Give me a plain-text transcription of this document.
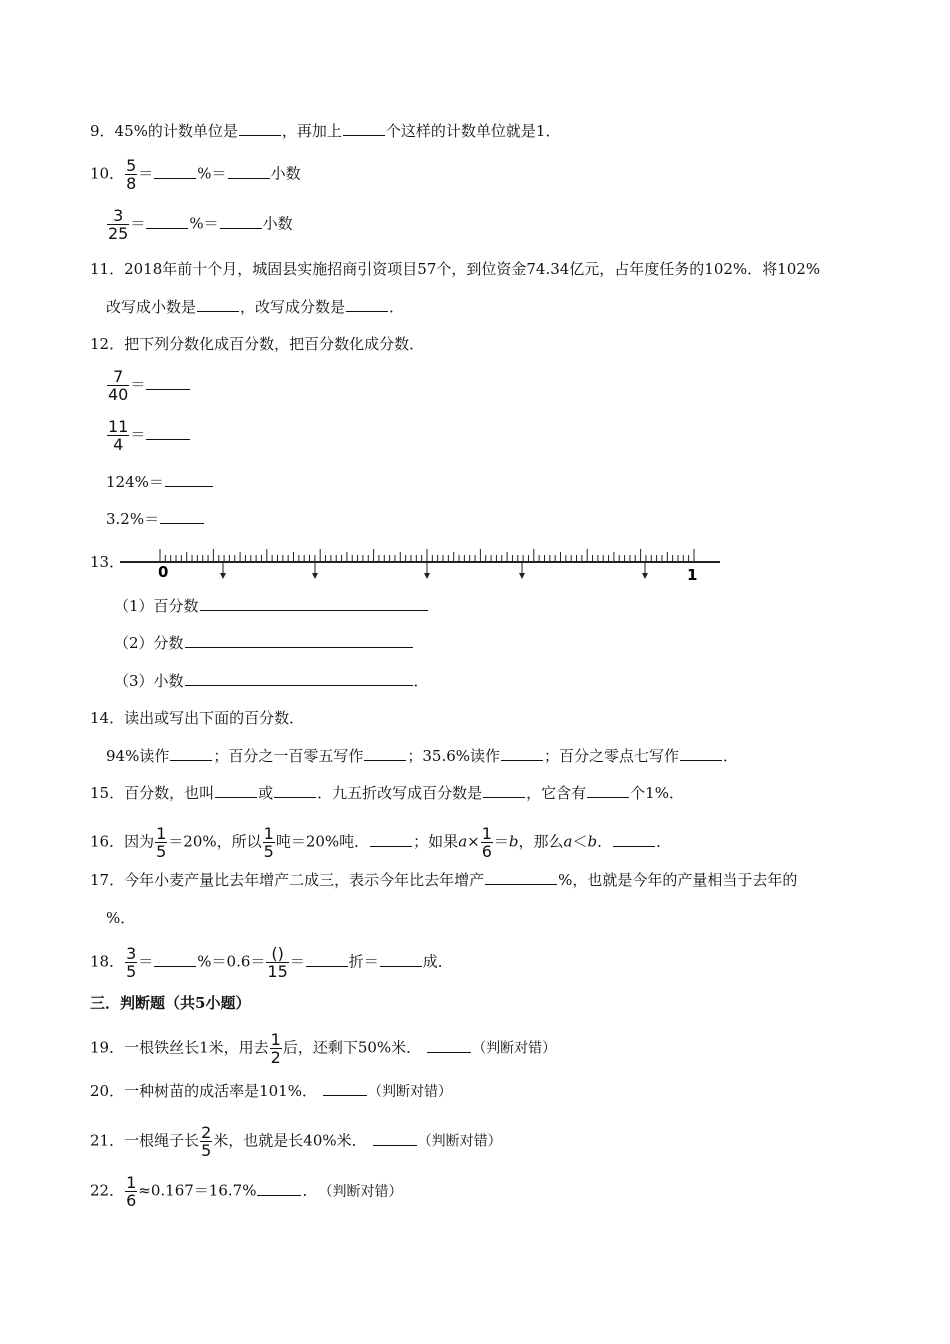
9．45%的计数单位是	，再加上	个这样的计数单位就是1．
10． $\frac{5}{8}$ ＝	%＝	小数
$\frac{3}{25}$ ＝	%＝	小数
11．2018年前十个月，城固县实施招商引资项目57个，到位资金74.34亿元，占年度任务的102%．将102%
改写成小数是	，改写成分数是	．
12．把下列分数化成百分数，把百分数化成分数．
$\frac{7}{40}$ ＝
$\frac{11}{4}$ ＝
124%＝
3.2%＝
13．
0	1
（1）百分数
（2）分数
（3）小数	．
14．读出或写出下面的百分数．
94%读作	；百分之一百零五写作	；35.6%读作	；百分之零点七写作	．
15．百分数，也叫	或	．九五折改写成百分数是	，它含有	个1%．
16．因为 $\frac{1}{5} =20\%$，所以 $\frac{1}{5}$ 吨＝20%吨．	；如果$a\times \frac{1}{6} =b$，那么a＜b．	．
17．今年小麦产量比去年增产二成三，表示今年比去年增产	%，也就是今年的产量相当于去年的
%．
18． $\frac{3}{5}$ ＝	$\%=0.6= \frac{()}{15}$ ＝	折＝	成．
三．判断题（共5小题）
19．一根铁丝长1米，用去 $\frac{1}{2}$ 后，还剩下50%米．	（判断对错）
20．一种树苗的成活率是101%．	（判断对错）
21．一根绳子长 $\frac{2}{5}$ 米，也就是长40%米．	（判断对错）
22． $\frac{1}{6} \approx 0.167=16.7\%$	． （判断对错）
